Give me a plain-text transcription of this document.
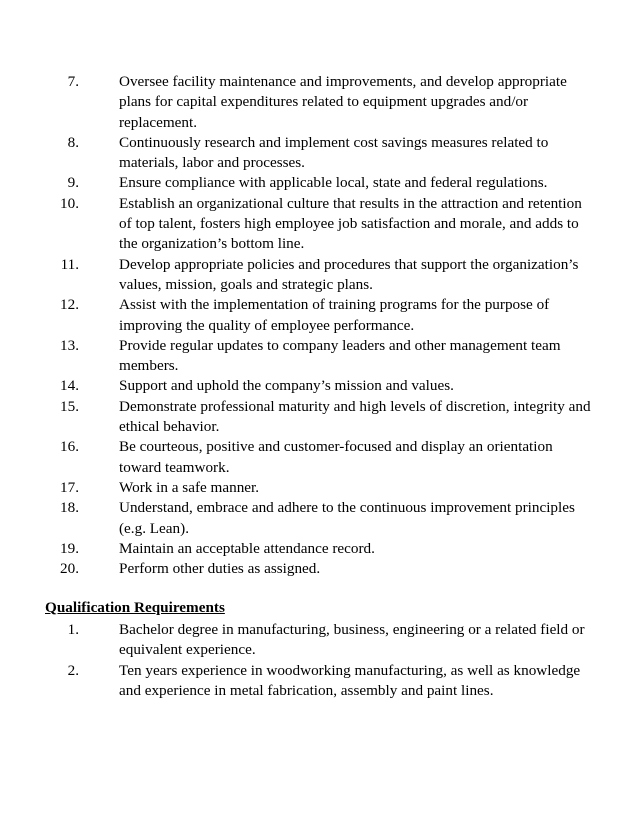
7.	Oversee facility maintenance and improvements, and develop appropriate plans for capital expenditures related to equipment upgrades and/or replacement.
8.	Continuously research and implement cost savings measures related to materials, labor and processes.
9.	Ensure compliance with applicable local, state and federal regulations.
10.	Establish an organizational culture that results in the attraction and retention of top talent, fosters high employee job satisfaction and morale, and adds to the organization’s bottom line.
11.	Develop appropriate policies and procedures that support the organization’s values, mission, goals and strategic plans.
12.	Assist with the implementation of training programs for the purpose of improving the quality of employee performance.
13.	Provide regular updates to company leaders and other management team members.
14.	Support and uphold the company’s mission and values.
15.	Demonstrate professional maturity and high levels of discretion, integrity and ethical behavior.
16.	Be courteous, positive and customer-focused and display an orientation toward teamwork.
17.	Work in a safe manner.
18.	Understand, embrace and adhere to the continuous improvement principles (e.g. Lean).
19.	Maintain an acceptable attendance record.
20.	Perform other duties as assigned.
Qualification Requirements
1.	Bachelor degree in manufacturing, business, engineering or a related field or equivalent experience.
2.	Ten years experience in woodworking manufacturing, as well as knowledge and experience in metal fabrication, assembly and paint lines.
